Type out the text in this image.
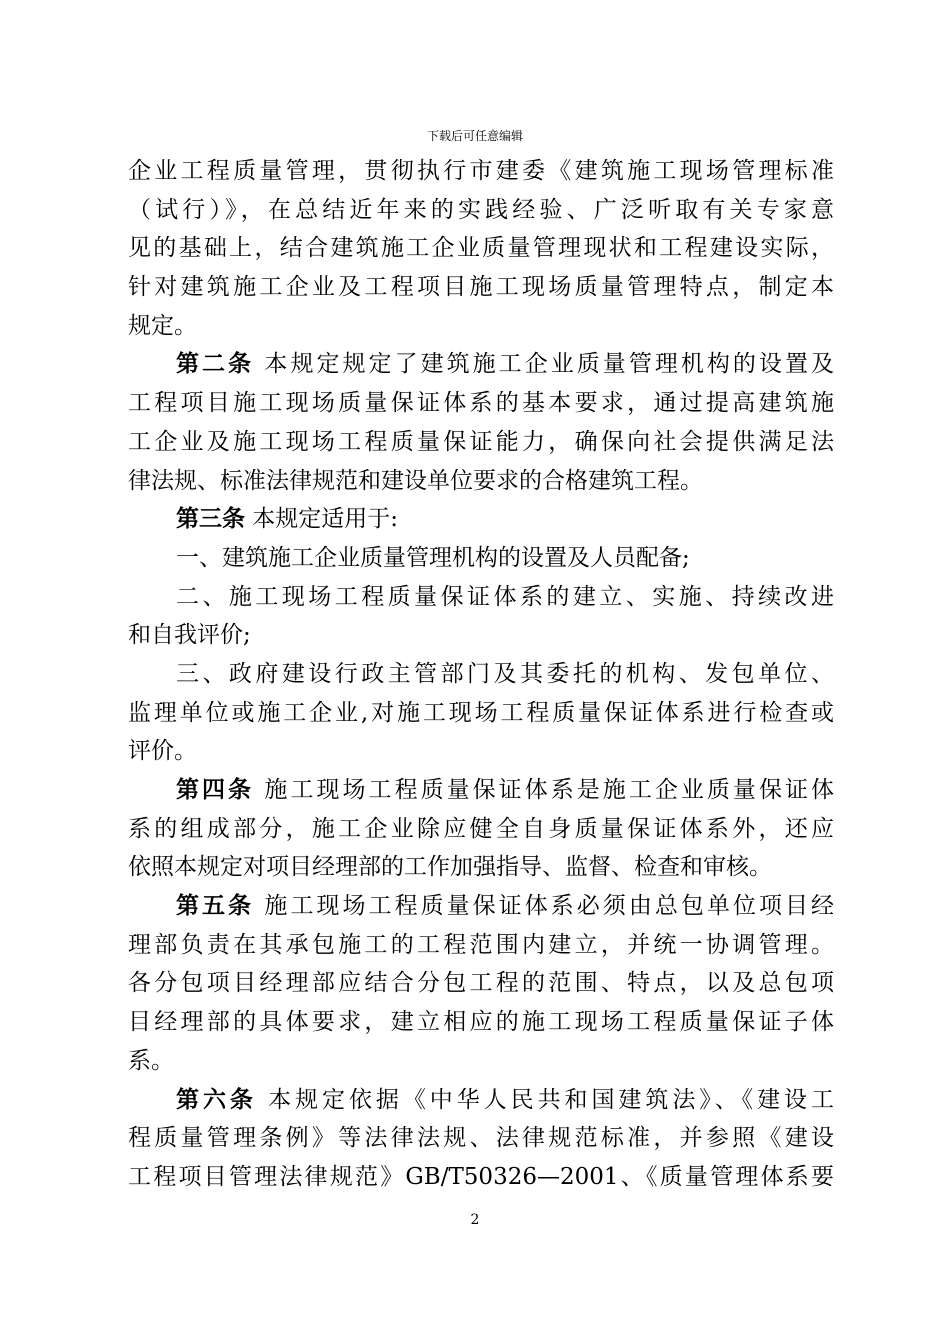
下载后可任意编辑
企业工程质量管理，贯彻执行市建委《建筑施工现场管理标准
（试行）》，在总结近年来的实践经验、广泛听取有关专家意
见的基础上，结合建筑施工企业质量管理现状和工程建设实际，
针对建筑施工企业及工程项目施工现场质量管理特点，制定本
规定。
第二条 本规定规定了建筑施工企业质量管理机构的设置及
工程项目施工现场质量保证体系的基本要求，通过提高建筑施
工企业及施工现场工程质量保证能力，确保向社会提供满足法
律法规、标准法律规范和建设单位要求的合格建筑工程。
第三条 本规定适用于:
一、建筑施工企业质量管理机构的设置及人员配备;
二、施工现场工程质量保证体系的建立、实施、持续改进
和自我评价;
三、政府建设行政主管部门及其委托的机构、发包单位、
监理单位或施工企业,对施工现场工程质量保证体系进行检查或
评价。
第四条 施工现场工程质量保证体系是施工企业质量保证体
系的组成部分，施工企业除应健全自身质量保证体系外，还应
依照本规定对项目经理部的工作加强指导、监督、检查和审核。
第五条 施工现场工程质量保证体系必须由总包单位项目经
理部负责在其承包施工的工程范围内建立，并统一协调管理。
各分包项目经理部应结合分包工程的范围、特点，以及总包项
目经理部的具体要求，建立相应的施工现场工程质量保证子体
系。
第六条 本规定依据《中华人民共和国建筑法》、《建设工
程质量管理条例》等法律法规、法律规范标准，并参照《建设
工程项目管理法律规范》GB/T50326—2001、《质量管理体系要
2
